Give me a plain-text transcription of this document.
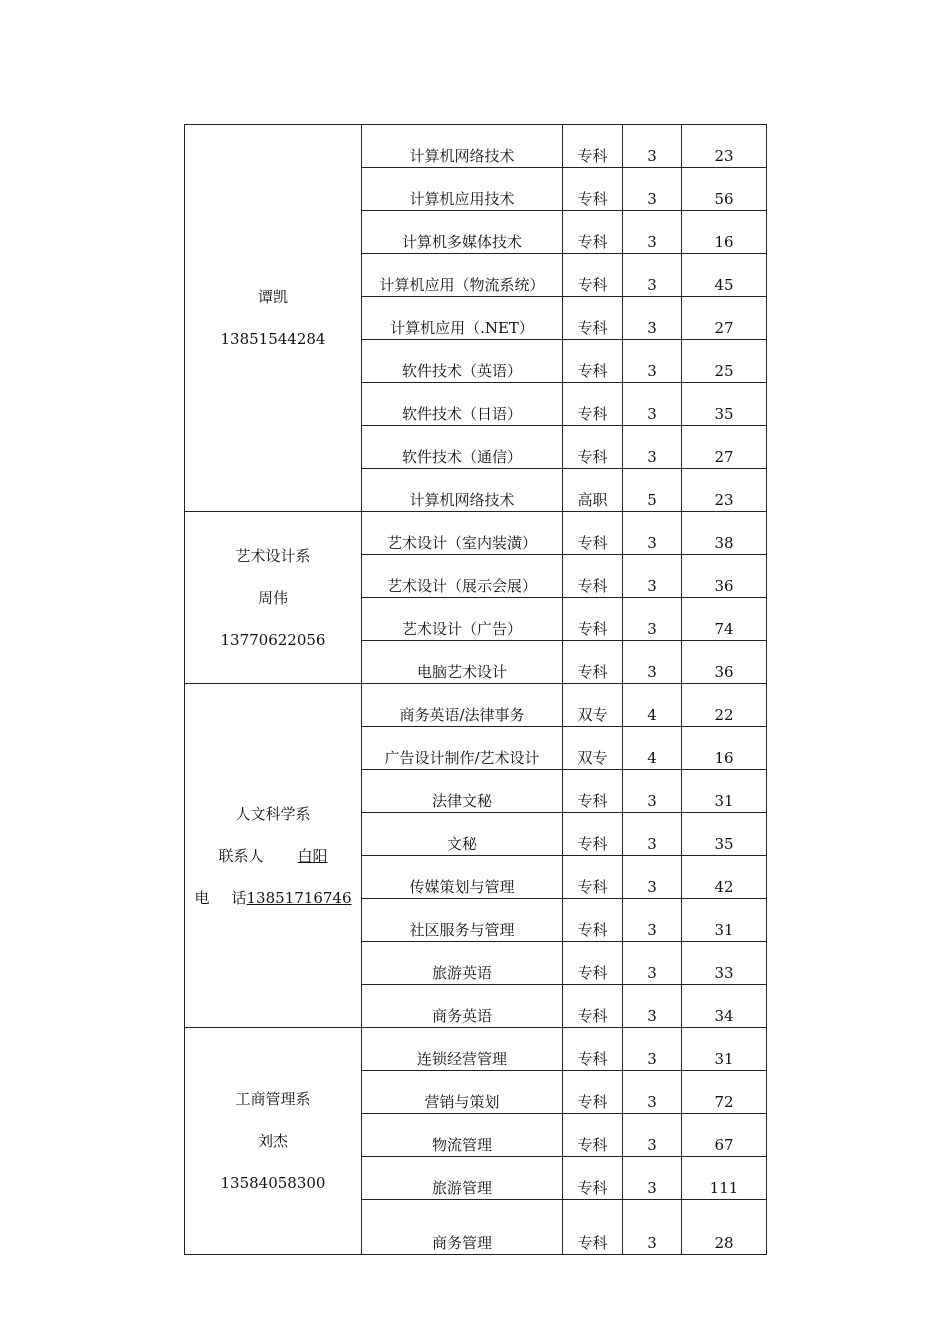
谭凯
13851544284	计算机网络技术	专科	3	23
	计算机应用技术	专科	3	56
	计算机多媒体技术	专科	3	16
	计算机应用（物流系统）	专科	3	45
	计算机应用（.NET）	专科	3	27
	软件技术（英语）	专科	3	25
	软件技术（日语）	专科	3	35
	软件技术（通信）	专科	3	27
	计算机网络技术	高职	5	23

艺术设计系
周伟
13770622056	艺术设计（室内装潢）	专科	3	38
	艺术设计（展示会展）	专科	3	36
	艺术设计（广告）	专科	3	74
	电脑艺术设计	专科	3	36

人文科学系
联系人 白阳
电 话13851716746	商务英语/法律事务	双专	4	22
	广告设计制作/艺术设计	双专	4	16
	法律文秘	专科	3	31
	文秘	专科	3	35
	传媒策划与管理	专科	3	42
	社区服务与管理	专科	3	31
	旅游英语	专科	3	33
	商务英语	专科	3	34

工商管理系
刘杰
13584058300	连锁经营管理	专科	3	31
	营销与策划	专科	3	72
	物流管理	专科	3	67
	旅游管理	专科	3	111
	商务管理	专科	3	28
